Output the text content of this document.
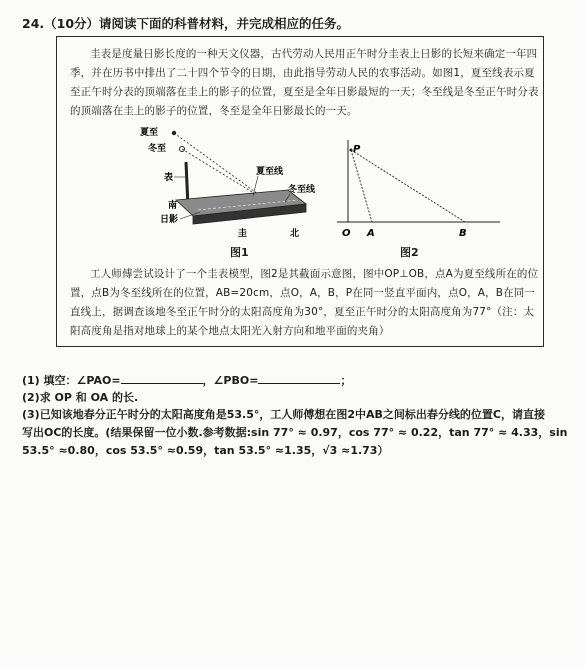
24.（10分）请阅读下面的科普材料，并完成相应的任务。
圭表是度量日影长度的一种天文仪器，古代劳动人民用正午时分圭表上日影的长短来确定一年四季，并在历书中排出了二十四个节令的日期，由此指导劳动人民的农事活动。如图1，夏至线表示夏至正午时分表的顶端落在圭上的影子的位置，夏至是全年日影最短的一天；冬至线是冬至正午时分表的顶端落在圭上的影子的位置，冬至是全年日影最长的一天。
夏至
冬至
表
南
日影
夏至线
冬至线
圭	北
图1
P
O A	B
图2
工人师傅尝试设计了一个圭表模型，图2是其截面示意图，图中OP⊥OB，点A为夏至线所在的位置，点B为冬至线所在的位置，AB=20cm，点O，A，B，P在同一竖直平面内，点O，A，B在同一直线上，据调查该地冬至正午时分的太阳高度角为30°，夏至正午时分的太阳高度角为77°（注：太阳高度角是指对地球上的某个地点太阳光入射方向和地平面的夹角）
(1) 填空：∠PAO=	，∠PBO=	；
(2)求 OP 和 OA 的长.
(3)已知该地春分正午时分的太阳高度角是53.5°，工人师傅想在图2中AB之间标出春分线的位置C，请直接
写出OC的长度。(结果保留一位小数.参考数据:sin 77° ≈ 0.97，cos 77° ≈ 0.22，tan 77° ≈ 4.33，sin
53.5° ≈0.80，cos 53.5° ≈0.59，tan 53.5° ≈1.35，√3 ≈1.73）
